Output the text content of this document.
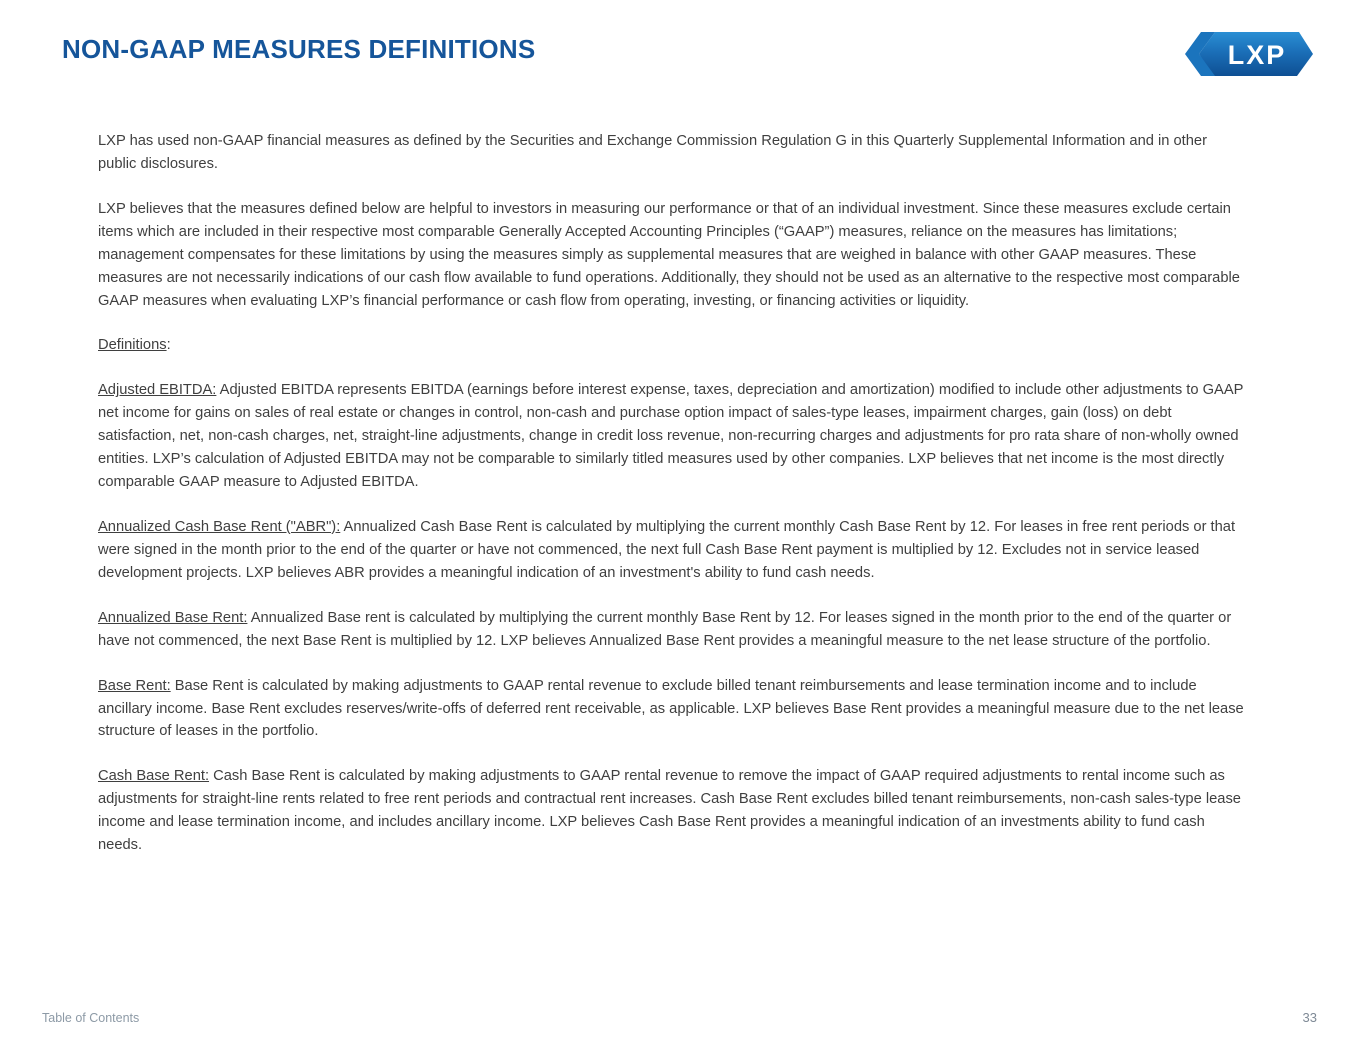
NON-GAAP MEASURES DEFINITIONS	LXP

LXP has used non-GAAP financial measures as defined by the Securities and Exchange Commission Regulation G in this Quarterly Supplemental Information and in other public disclosures.

LXP believes that the measures defined below are helpful to investors in measuring our performance or that of an individual investment. Since these measures exclude certain items which are included in their respective most comparable Generally Accepted Accounting Principles (“GAAP”) measures, reliance on the measures has limitations; management compensates for these limitations by using the measures simply as supplemental measures that are weighed in balance with other GAAP measures. These measures are not necessarily indications of our cash flow available to fund operations. Additionally, they should not be used as an alternative to the respective most comparable GAAP measures when evaluating LXP’s financial performance or cash flow from operating, investing, or financing activities or liquidity.

Definitions:

Adjusted EBITDA: Adjusted EBITDA represents EBITDA (earnings before interest expense, taxes, depreciation and amortization) modified to include other adjustments to GAAP net income for gains on sales of real estate or changes in control, non-cash and purchase option impact of sales-type leases, impairment charges, gain (loss) on debt satisfaction, net, non-cash charges, net, straight-line adjustments, change in credit loss revenue, non-recurring charges and adjustments for pro rata share of non-wholly owned entities. LXP’s calculation of Adjusted EBITDA may not be comparable to similarly titled measures used by other companies. LXP believes that net income is the most directly comparable GAAP measure to Adjusted EBITDA.

Annualized Cash Base Rent ("ABR"): Annualized Cash Base Rent is calculated by multiplying the current monthly Cash Base Rent by 12. For leases in free rent periods or that were signed in the month prior to the end of the quarter or have not commenced, the next full Cash Base Rent payment is multiplied by 12. Excludes not in service leased development projects. LXP believes ABR provides a meaningful indication of an investment's ability to fund cash needs.

Annualized Base Rent: Annualized Base rent is calculated by multiplying the current monthly Base Rent by 12. For leases signed in the month prior to the end of the quarter or have not commenced, the next Base Rent is multiplied by 12. LXP believes Annualized Base Rent provides a meaningful measure to the net lease structure of the portfolio.

Base Rent: Base Rent is calculated by making adjustments to GAAP rental revenue to exclude billed tenant reimbursements and lease termination income and to include ancillary income. Base Rent excludes reserves/write-offs of deferred rent receivable, as applicable. LXP believes Base Rent provides a meaningful measure due to the net lease structure of leases in the portfolio.

Cash Base Rent: Cash Base Rent is calculated by making adjustments to GAAP rental revenue to remove the impact of GAAP required adjustments to rental income such as adjustments for straight-line rents related to free rent periods and contractual rent increases. Cash Base Rent excludes billed tenant reimbursements, non-cash sales-type lease income and lease termination income, and includes ancillary income. LXP believes Cash Base Rent provides a meaningful indication of an investments ability to fund cash needs.

Table of Contents	33
